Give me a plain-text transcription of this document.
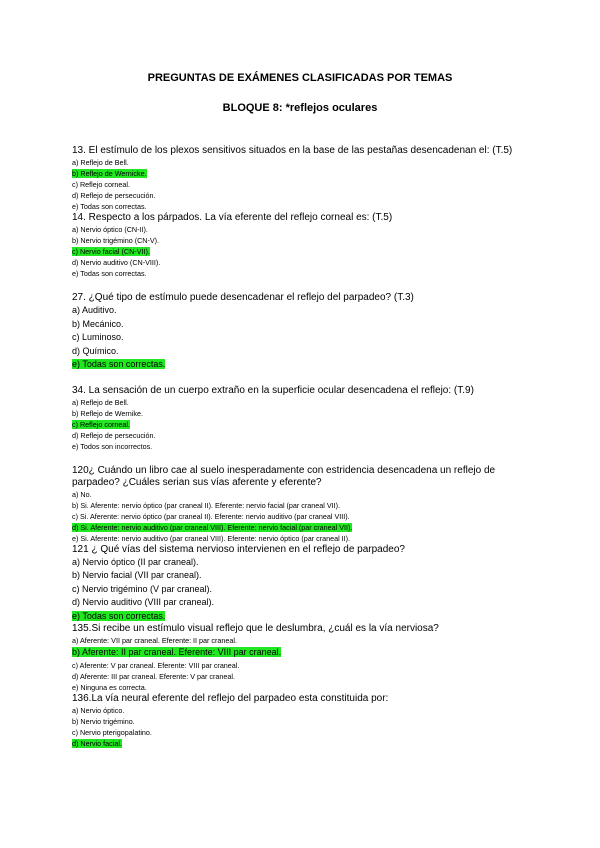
PREGUNTAS DE EXÁMENES CLASIFICADAS POR TEMAS
BLOQUE 8: *reflejos oculares

13. El estímulo de los plexos sensitivos situados en la base de las pestañas desencadenan el: (T.5)

a) Reflejo de Bell.

b) Reflejo de Wernicke.

c) Reflejo corneal.

d) Reflejo de persecución.

e) Todas son correctas.

14. Respecto a los párpados. La vía eferente del reflejo corneal es: (T.5)

a) Nervio óptico (CN-II).

b) Nervio trigémino (CN-V).

c) Nervio facial (CN-VII).

d) Nervio auditivo (CN-VIII).

e) Todas son correctas.

27. ¿Qué tipo de estímulo puede desencadenar el reflejo del parpadeo? (T.3)

a) Auditivo.

b) Mecánico.

c) Luminoso.

d) Químico.

e) Todas son correctas.

34. La sensación de un cuerpo extraño en la superficie ocular desencadena el reflejo: (T.9)

a) Reflejo de Bell.

b) Reflejo de Wernike.

c) Reflejo corneal.

d) Reflejo de persecución.

e) Todos son incorrectos.

120¿ Cuándo un libro cae al suelo inesperadamente con estridencia desencadena un reflejo de parpadeo? ¿Cuáles serian sus vías aferente y eferente?

a) No.

b) Si. Aferente: nervio óptico (par craneal II). Eferente: nervio facial (par craneal VII).

c) Si. Aferente: nervio óptico (par craneal II). Eferente: nervio auditivo (par craneal VIII).

d) Si. Aferente: nervio auditivo (par craneal VIII). Eferente: nervio facial (par craneal VII).

e) Si. Aferente: nervio auditivo (par craneal VIII). Eferente: nervio óptico (par craneal II).

121 ¿ Qué vías del sistema nervioso intervienen en el reflejo de parpadeo?

a) Nervio óptico (II par craneal).

b) Nervio facial (VII par craneal).

c) Nervio trigémino (V par craneal).

d) Nervio auditivo (VIII par craneal).

e) Todas son correctas.

135.Si recibe un estímulo visual reflejo que le deslumbra, ¿cuál es la vía nerviosa?

a) Aferente: VII par craneal. Eferente: II par craneal.

b) Aferente: II par craneal. Eferente: VIII par craneal.

c) Aferente: V par craneal. Eferente: VIII par craneal.

d) Aferente: III par craneal. Eferente: V par craneal.

e) Ninguna es correcta.

136.La vía neural eferente del reflejo del parpadeo esta constituida por:

a) Nervio óptico.

b) Nervio trigémino.

c) Nervio pterigopalatino.

d) Nervio facial.
